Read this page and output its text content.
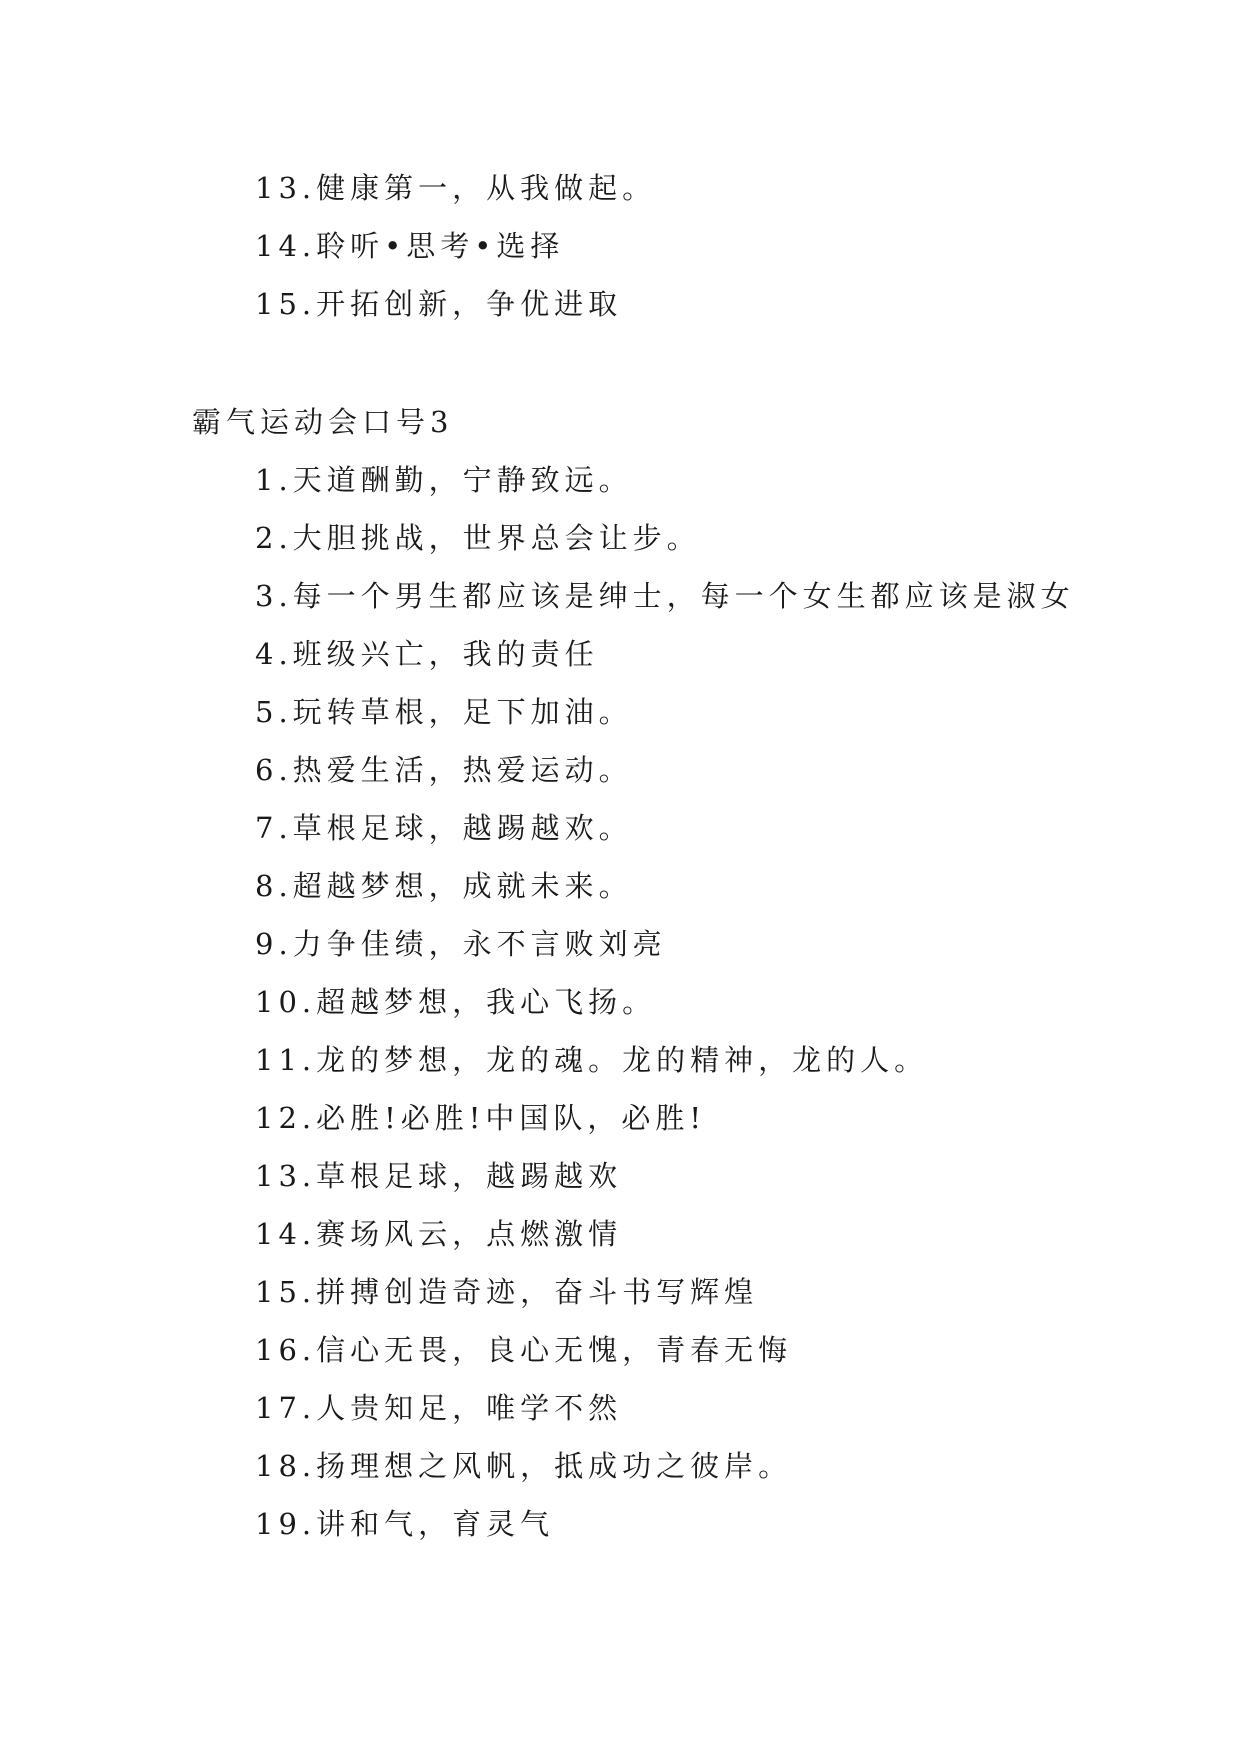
13.健康第一，从我做起。
14.聆听•思考•选择
15.开拓创新，争优进取
霸气运动会口号3
1.天道酬勤，宁静致远。
2.大胆挑战，世界总会让步。
3.每一个男生都应该是绅士，每一个女生都应该是淑女
4.班级兴亡，我的责任
5.玩转草根，足下加油。
6.热爱生活，热爱运动。
7.草根足球，越踢越欢。
8.超越梦想，成就未来。
9.力争佳绩，永不言败刘亮
10.超越梦想，我心飞扬。
11.龙的梦想，龙的魂。龙的精神，龙的人。
12.必胜!必胜!中国队，必胜!
13.草根足球，越踢越欢
14.赛场风云，点燃激情
15.拼搏创造奇迹，奋斗书写辉煌
16.信心无畏，良心无愧，青春无悔
17.人贵知足，唯学不然
18.扬理想之风帆，抵成功之彼岸。
19.讲和气，育灵气
